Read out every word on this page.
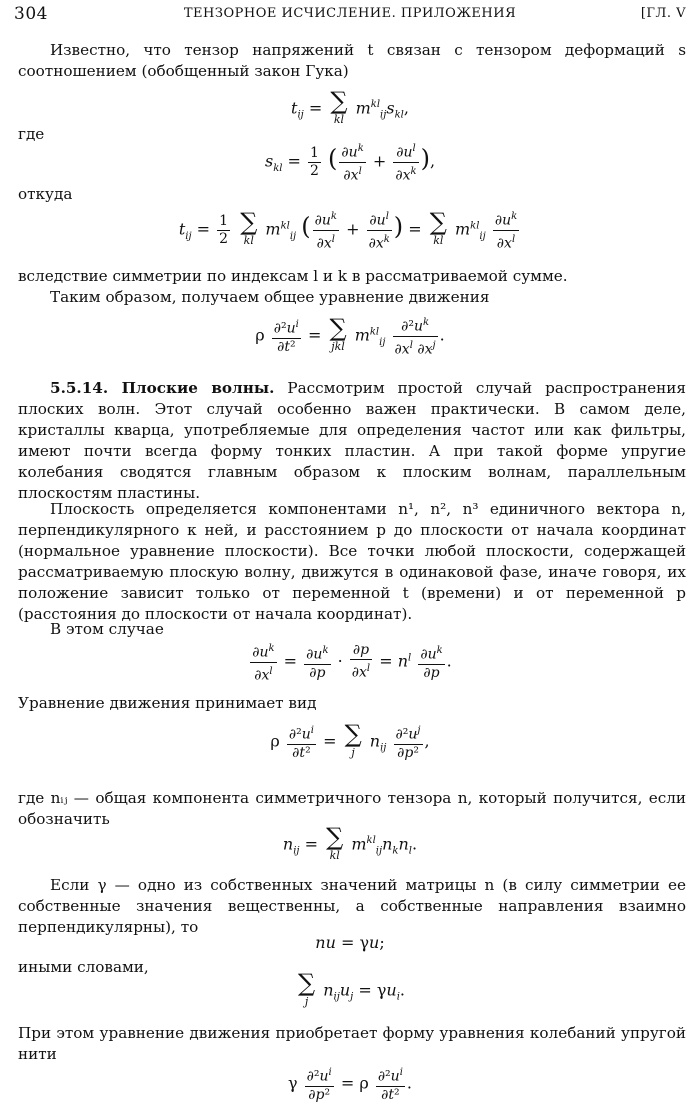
304	ТЕНЗОРНОЕ ИСЧИСЛЕНИЕ. ПРИЛОЖЕНИЯ	[ГЛ. V

Известно, что тензор напряжений t связан с тензором деформаций s соотношением (обобщенный закон Гука)

$t_{ij}$ = ∑
kl
$m^{kl}_{ij}s_{kl}$,

где

$s_{kl} = \frac{1}{2}$ ( $\frac{\partial u^k}{\partial x^l} + \frac{\partial u^l}{\partial x^k}$ ),

откуда

$t_{ij} = \frac{1}{2}$
∑
kl
$m^{kl}_{ij}$ ( $\frac{\partial u^k}{\partial x^l} + \frac{\partial u^l}{\partial x^k}$ ) = ∑
kl
$m^{kl}_{ij} \frac{\partial u^k}{\partial x^l}$

вследствие симметрии по индексам l и k в рассматриваемой сумме.

Таким образом, получаем общее уравнение движения

ρ $\frac{\partial^2u^i}{\text{∂t²}}$ = ∑
jkl
$m^{kl}_{ij} \frac{\partial^2u^k}{\partial x^l \partial x^j}$ .

5.5.14. Плоские волны. Рассмотрим простой случай распространения плоских волн. Этот случай особенно важен практически. В самом деле, кристаллы кварца, употребляемые для определения частот или как фильтры, имеют почти всегда форму тонких пластин. А при такой форме упругие колебания сводятся главным образом к плоским волнам, параллельным плоскостям пластины.

Плоскость определяется компонентами n¹, n², n³ единичного вектора n, перпендикулярного к ней, и расстоянием p до плоскости от начала координат (нормальное уравнение плоскости). Все точки любой плоскости, содержащей рассматриваемую плоскую волну, движутся в одинаковой фазе, иначе говоря, их положение зависит только от переменной t (времени) и от переменной p (расстояния до плоскости от начала координат).

В этом случае

$\frac{\partial u^k}{\partial x^l} = \frac{\partial u^k}{\partial p} \cdot \frac{\partial p}{\partial x^l} = n^l \frac{\partial u^k}{\partial p}$ .

Уравнение движения принимает вид

ρ $\frac{\partial^2u^i}{\text{∂t²}}$ = ∑
j
$n_{ij} \frac{\partial^2u^j}{\text{∂p²}}$ ,

где nᵢⱼ — общая компонента симметричного тензора n, который получится, если обозначить

$n_{ij}$ = ∑
kl
$m^{kl}_{ij}n_kn_l$.

Если γ — одно из собственных значений матрицы n (в силу симметрии ее собственные значения вещественны, а собственные направления взаимно перпендикулярны), то

nu = γu;

иными словами,

∑
j
$n_{ij}u_j = \gamma u_i$.

При этом уравнение движения приобретает форму уравнения колебаний упругой нити

γ $\frac{\partial^2u^i}{\text{∂p²}} = \rho \frac{\partial^2u^i}{\text{∂t²}}$ .
